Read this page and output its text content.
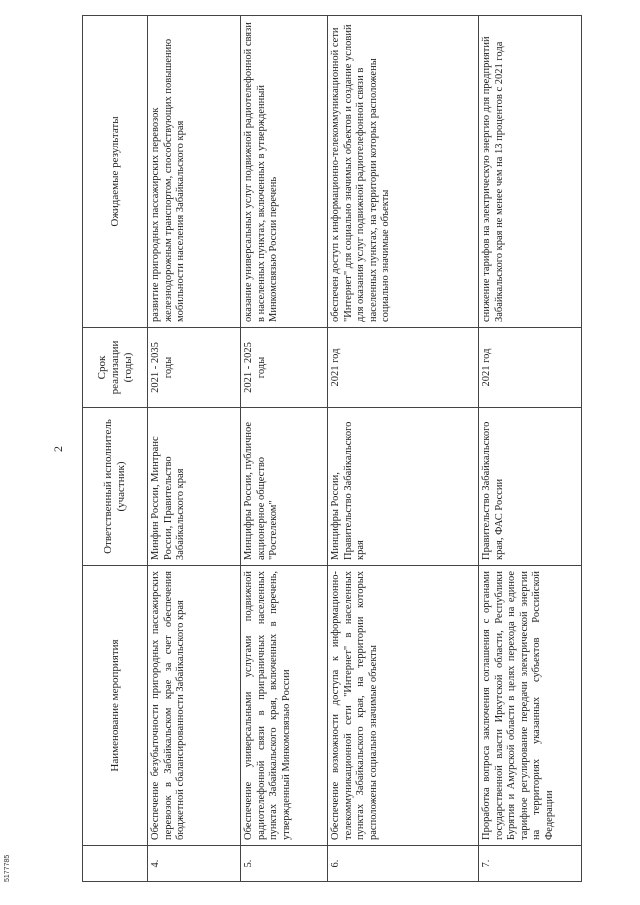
2
	Наименование мероприятия	Ответственный исполнитель (участник)	Срок реализации (годы)	Ожидаемые результаты
4.	Обеспечение безубыточности пригородных пассажирских перевозок в Забайкальском крае за счет обеспечения бюджетной сбалансированности Забайкальского края	Минфин России, Минтранс России, Правительство Забайкальского края	2021 - 2035 годы	развитие пригородных пассажирских перевозок железнодорожным транспортом, способствующих повышению мобильности населения Забайкальского края
5.	Обеспечение универсальными услугами подвижной радиотелефонной связи в приграничных населенных пунктах Забайкальского края, включенных в перечень, утвержденный Минкомсвязью России	Минцифры России, публичное акционерное общество "Ростелеком"	2021 - 2025 годы	оказание универсальных услуг подвижной радиотелефонной связи в населенных пунктах, включенных в утвержденный Минкомсвязью России перечень
6.	Обеспечение возможности доступа к информационно-телекоммуникационной сети "Интернет" в населенных пунктах Забайкальского края, на территории которых расположены социально значимые объекты	Минцифры России, Правительство Забайкальского края	2021 год	обеспечен доступ к информационно-телекоммуникационной сети "Интернет" для социально значимых объектов и создание условий для оказания услуг подвижной радиотелефонной связи в населенных пунктах, на территории которых расположены социально значимые объекты
7.	Проработка вопроса заключения соглашения с органами государственной власти Иркутской области, Республики Бурятия и Амурской области в целях перехода на единое тарифное регулирование передачи электрической энергии на территориях указанных субъектов Российской Федерации	Правительство Забайкальского края, ФАС России	2021 год	снижение тарифов на электрическую энергию для предприятий Забайкальского края не менее чем на 13 процентов с 2021 года
5177785
